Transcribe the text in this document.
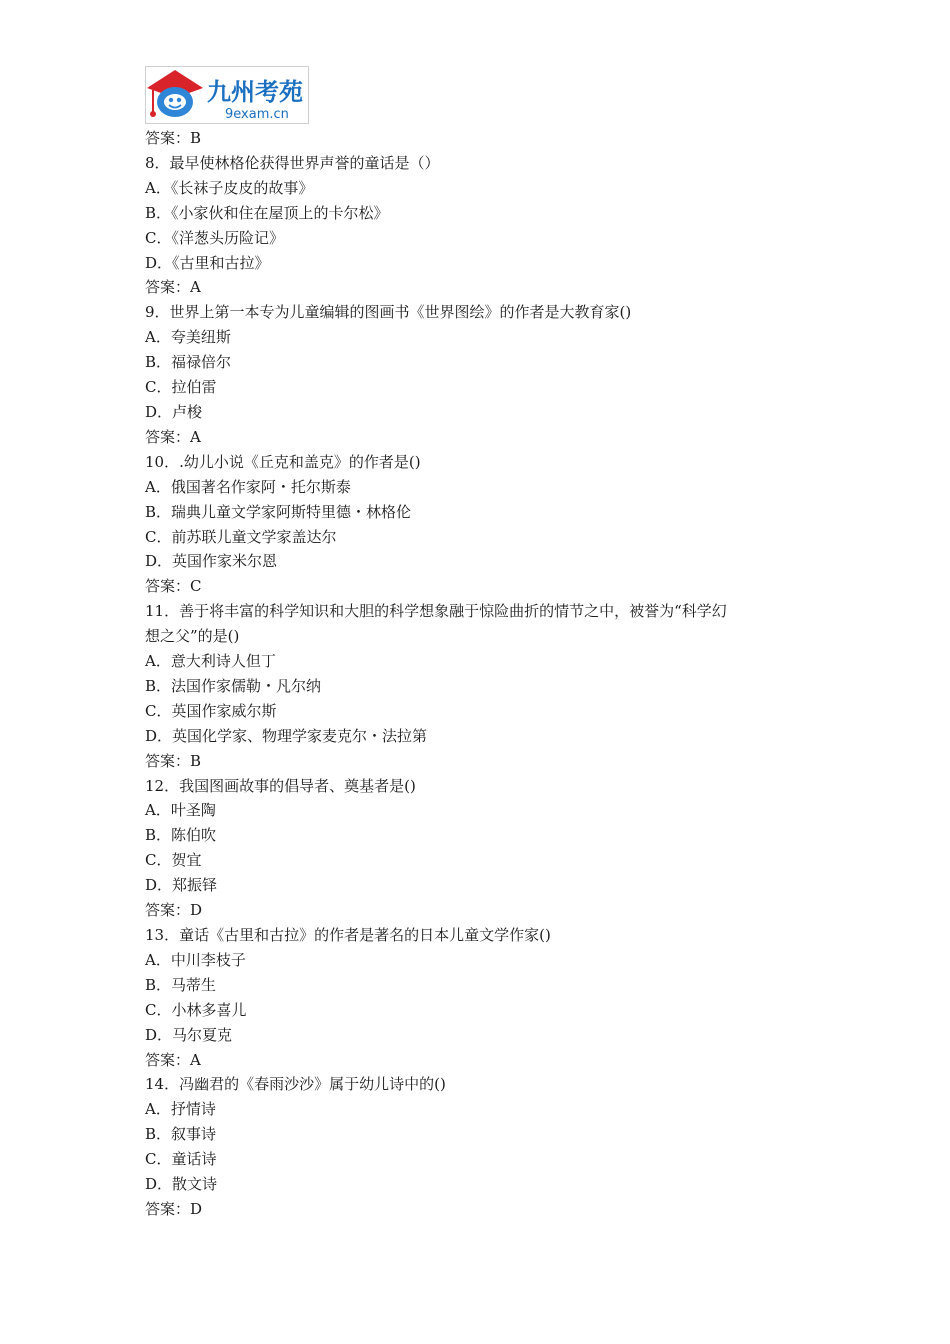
九州考苑
9exam.cn
答案：B
8．最早使林格伦获得世界声誉的童话是（）
A．《长袜子皮皮的故事》
B．《小家伙和住在屋顶上的卡尔松》
C．《洋葱头历险记》
D．《古里和古拉》
答案：A
9．世界上第一本专为儿童编辑的图画书《世界图绘》的作者是大教育家()
A．夸美纽斯
B．福禄倍尔
C．拉伯雷
D．卢梭
答案：A
10．.幼儿小说《丘克和盖克》的作者是()
A．俄国著名作家阿・托尔斯泰
B．瑞典儿童文学家阿斯特里德・林格伦
C．前苏联儿童文学家盖达尔
D．英国作家米尔恩
答案：C
11．善于将丰富的科学知识和大胆的科学想象融于惊险曲折的情节之中，被誉为“科学幻
想之父”的是()
A．意大利诗人但丁
B．法国作家儒勒・凡尔纳
C．英国作家威尔斯
D．英国化学家、物理学家麦克尔・法拉第
答案：B
12．我国图画故事的倡导者、奠基者是()
A．叶圣陶
B．陈伯吹
C．贺宜
D．郑振铎
答案：D
13．童话《古里和古拉》的作者是著名的日本儿童文学作家()
A．中川李枝子
B．马蒂生
C．小林多喜儿
D．马尔夏克
答案：A
14．冯幽君的《春雨沙沙》属于幼儿诗中的()
A．抒情诗
B．叙事诗
C．童话诗
D．散文诗
答案：D
